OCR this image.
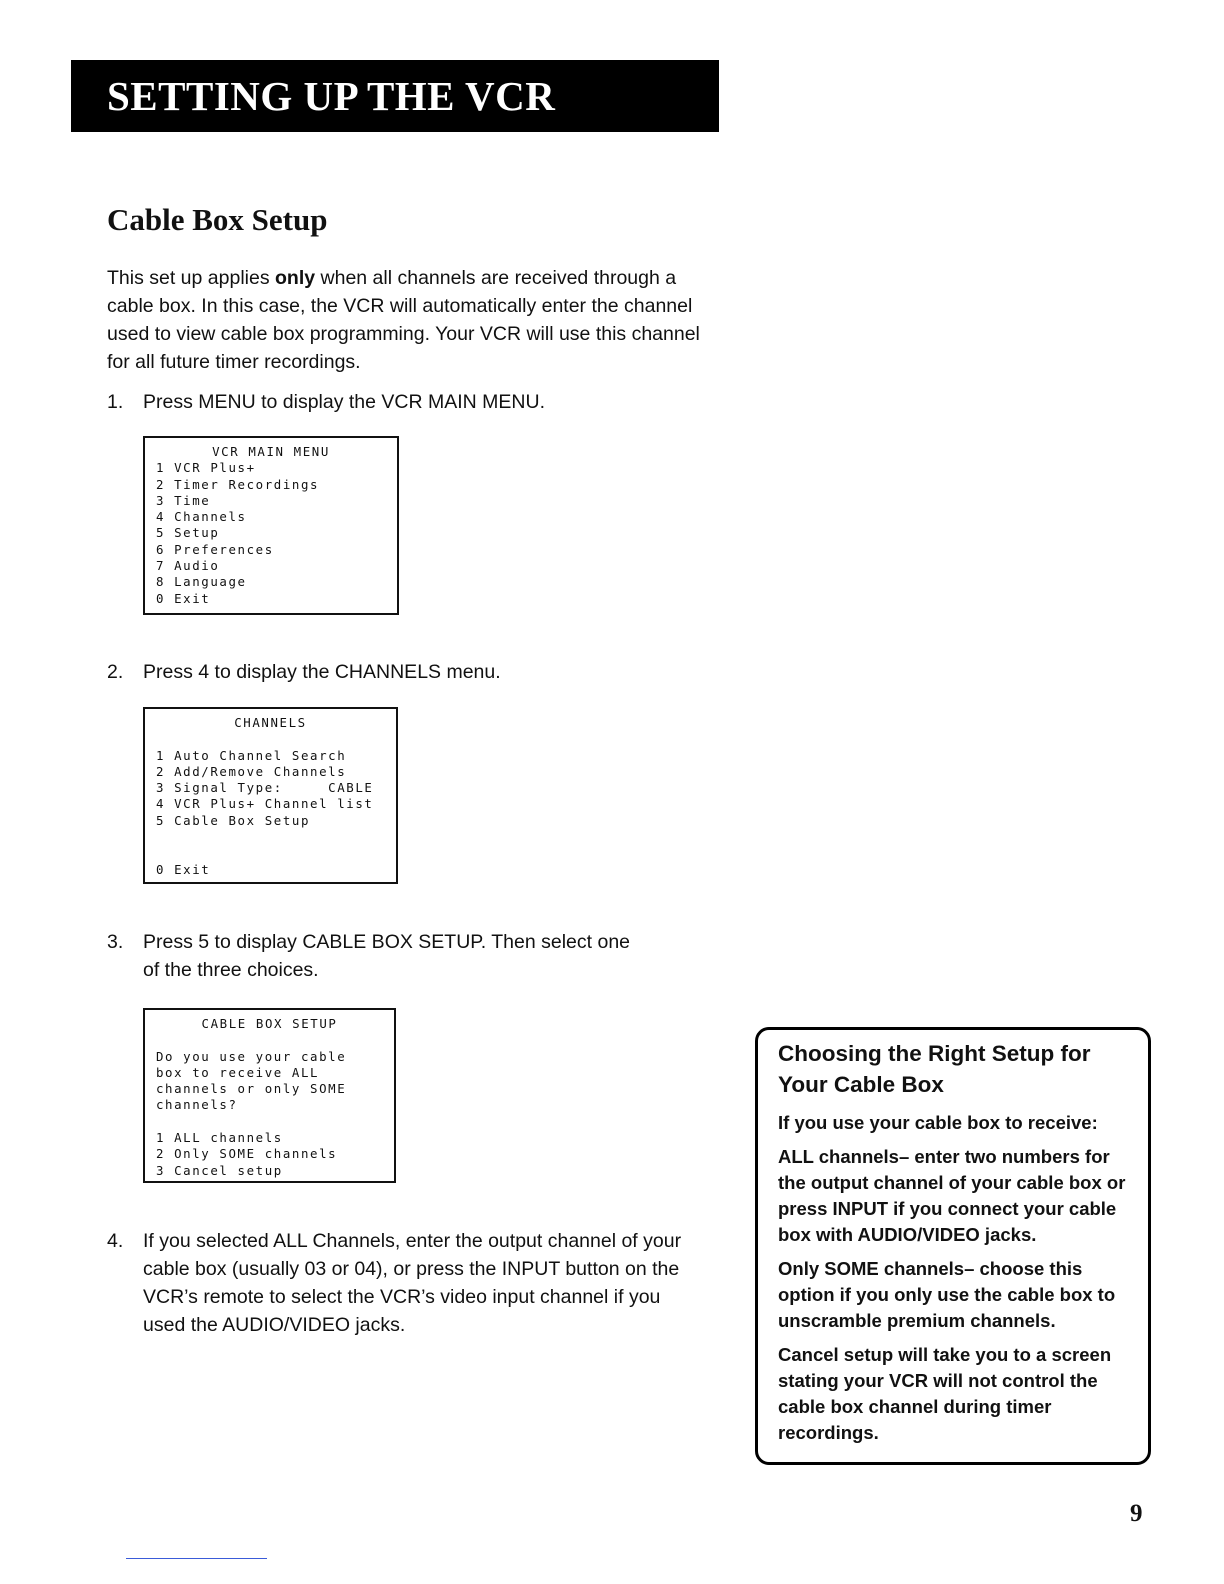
SETTING UP THE VCR
Cable Box Setup

This set up applies only when all channels are received through a cable box. In this case, the VCR will automatically enter the channel used to view cable box programming. Your VCR will use this channel for all future timer recordings.

1. Press MENU to display the VCR MAIN MENU.
VCR MAIN MENU
1 VCR Plus+
2 Timer Recordings
3 Time
4 Channels
5 Setup
6 Preferences
7 Audio
8 Language
0 Exit
2. Press 4 to display the CHANNELS menu.
CHANNELS
1 Auto Channel Search
2 Add/Remove Channels
3 Signal Type:     CABLE
4 VCR Plus+ Channel list
5 Cable Box Setup
0 Exit
3. Press 5 to display CABLE BOX SETUP. Then select one of the three choices.
CABLE BOX SETUP
Do you use your cable
box to receive ALL
channels or only SOME
channels?
1 ALL channels
2 Only SOME channels
3 Cancel setup
4. If you selected ALL Channels, enter the output channel of your cable box (usually 03 or 04), or press the INPUT button on the VCR’s remote to select the VCR’s video input channel if you used the AUDIO/VIDEO jacks.
Choosing the Right Setup for Your Cable Box

If you use your cable box to receive:

ALL channels– enter two numbers for the output channel of your cable box or press INPUT if you connect your cable box with AUDIO/VIDEO jacks.

Only SOME channels– choose this option if you only use the cable box to unscramble premium channels.

Cancel setup will take you to a screen stating your VCR will not control the cable box channel during timer recordings.

9
